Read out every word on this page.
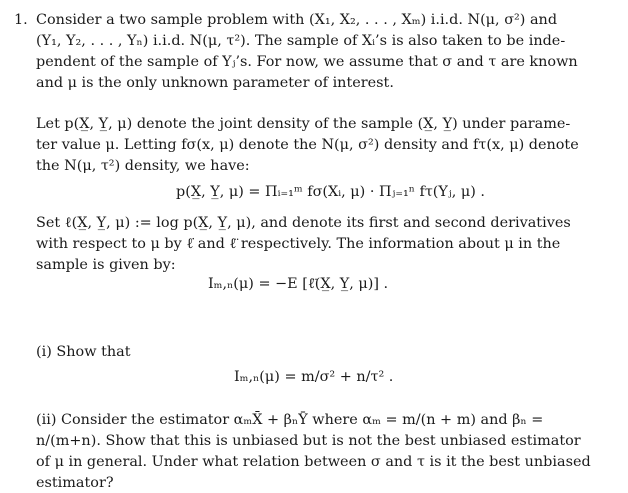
1. Consider a two sample problem with (X₁, X₂, . . . , Xₘ) i.i.d. N(μ, σ²) and
(Y₁, Y₂, . . . , Yₙ) i.i.d. N(μ, τ²). The sample of Xᵢ’s is also taken to be inde-
pendent of the sample of Yⱼ’s. For now, we assume that σ and τ are known
and μ is the only unknown parameter of interest.
Let p(X̲, Y̲, μ) denote the joint density of the sample (X̲, Y̲) under parame-
ter value μ. Letting fσ(x, μ) denote the N(μ, σ²) density and fτ(x, μ) denote
the N(μ, τ²) density, we have:
p(X̲, Y̲, μ) = Πᵢ₌₁ᵐ fσ(Xᵢ, μ) · Πⱼ₌₁ⁿ fτ(Yⱼ, μ) .
Set ℓ(X̲, Y̲, μ) := log p(X̲, Y̲, μ), and denote its first and second derivatives
with respect to μ by ℓ̇ and ℓ̈ respectively. The information about μ in the
sample is given by:
Iₘ,ₙ(μ) = −E [ℓ̈(X̲, Y̲, μ)] .
(i) Show that
Iₘ,ₙ(μ) = m/σ² + n/τ² .
(ii) Consider the estimator αₘX̄ + βₙȲ where αₘ = m/(n + m) and βₙ =
n/(m+n). Show that this is unbiased but is not the best unbiased estimator
of μ in general. Under what relation between σ and τ is it the best unbiased
estimator?
